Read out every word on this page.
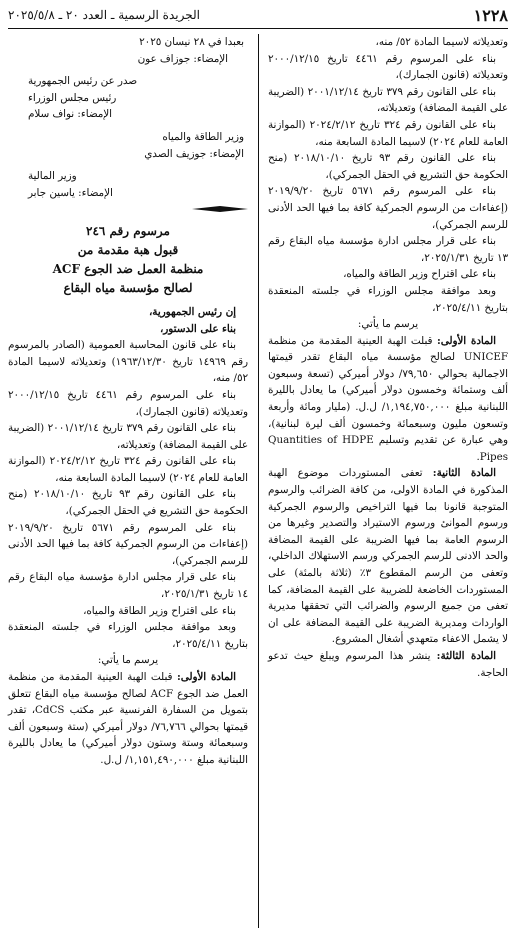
١٢٢٨
الجريدة الرسمية ـ العدد ٢٠ ـ ٢٠٢٥/٥/٨

وتعديلاته لاسيما المادة ٥٢/ منه،

بناء على المرسوم رقم ٤٤٦١ تاريخ ٢٠٠٠/١٢/١٥ وتعديلاته (قانون الجمارك)،

بناء على القانون رقم ٣٧٩ تاريخ ٢٠٠١/١٢/١٤ (الضريبة على القيمة المضافة) وتعديلاته،

بناء على القانون رقم ٣٢٤ تاريخ ٢٠٢٤/٢/١٢ (الموازنة العامة للعام ٢٠٢٤) لاسيما المادة السابعة منه،

بناء على القانون رقم ٩٣ تاريخ ٢٠١٨/١٠/١٠ (منح الحكومة حق التشريع في الحقل الجمركي)،

بناء على المرسوم رقم ٥٦٧١ تاريخ ٢٠١٩/٩/٢٠ (إعفاءات من الرسوم الجمركية كافة بما فيها الحد الأدنى للرسم الجمركي)،

بناء على قرار مجلس ادارة مؤسسة مياه البقاع رقم ١٣ تاريخ ٢٠٢٥/١/٣١،

بناء على اقتراح وزير الطاقة والمياه،

وبعد موافقة مجلس الوزراء في جلسته المنعقدة بتاريخ ٢٠٢٥/٤/١١،

يرسم ما يأتي:

المادة الأولى: قبلت الهبة العينية المقدمة من منظمة UNICEF لصالح مؤسسة مياه البقاع تقدر قيمتها الاجمالية بحوالي ٧٩,٦٥٠/ دولار أميركي (تسعة وسبعون ألف وستمائة وخمسون دولار أميركي) ما يعادل بالليرة اللبنانية مبلغ ١,١٩٤,٧٥٠,٠٠٠/ ل.ل. (مليار ومائة وأربعة وتسعون مليون وسبعمائة وخمسون ألف ليرة لبنانية)، وهي عبارة عن تقديم وتسليم Quantities of HDPE Pipes.

المادة الثانية: تعفى المستوردات موضوع الهبة المذكورة في المادة الاولى، من كافة الضرائب والرسوم المتوجبة قانونا بما فيها التراخيص والرسوم الجمركية ورسوم الموانئ ورسوم الاستيراد والتصدير وغيرها من الرسوم العامة بما فيها الضريبة على القيمة المضافة والحد الادنى للرسم الجمركي ورسم الاستهلاك الداخلي، وتعفى من الرسم المقطوع ٣٪ (ثلاثة بالمئة) على المستوردات الخاضعة للضريبة على القيمة المضافة، كما تعفى من جميع الرسوم والضرائب التي تحققها مديرية الواردات ومديرية الضريبة على القيمة المضافة على ان لا يشمل الاعفاء متعهدي أشغال المشروع.

المادة الثالثة: ينشر هذا المرسوم ويبلغ حيث تدعو الحاجة.

بعبدا في ٢٨ نيسان ٢٠٢٥

الإمضاء: جوزاف عون

صدر عن رئيس الجمهورية

رئيس مجلس الوزراء

الإمضاء: نواف سلام

وزير الطاقة والمياه

الإمضاء: جوزيف الصدي

وزير المالية

الإمضاء: ياسين جابر

مرسوم رقم ٢٤٦

قبول هبة مقدمة من

منظمة العمل ضد الجوع ACF

لصالح مؤسسة مياه البقاع

إن رئيس الجمهورية،

بناء على الدستور،

بناء على قانون المحاسبة العمومية (الصادر بالمرسوم رقم ١٤٩٦٩ تاريخ ١٩٦٣/١٢/٣٠) وتعديلاته لاسيما المادة ٥٢/ منه،

بناء على المرسوم رقم ٤٤٦١ تاريخ ٢٠٠٠/١٢/١٥ وتعديلاته (قانون الجمارك)،

بناء على القانون رقم ٣٧٩ تاريخ ٢٠٠١/١٢/١٤ (الضريبة على القيمة المضافة) وتعديلاته،

بناء على القانون رقم ٣٢٤ تاريخ ٢٠٢٤/٢/١٢ (الموازنة العامة للعام ٢٠٢٤) لاسيما المادة السابعة منه،

بناء على القانون رقم ٩٣ تاريخ ٢٠١٨/١٠/١٠ (منح الحكومة حق التشريع في الحقل الجمركي)،

بناء على المرسوم رقم ٥٦٧١ تاريخ ٢٠١٩/٩/٢٠ (إعفاءات من الرسوم الجمركية كافة بما فيها الحد الأدنى للرسم الجمركي)،

بناء على قرار مجلس ادارة مؤسسة مياه البقاع رقم ١٤ تاريخ ٢٠٢٥/١/٣١،

بناء على اقتراح وزير الطاقة والمياه،

وبعد موافقة مجلس الوزراء في جلسته المنعقدة بتاريخ ٢٠٢٥/٤/١١،

يرسم ما يأتي:

المادة الأولى: قبلت الهبة العينية المقدمة من منظمة العمل ضد الجوع ACF لصالح مؤسسة مياه البقاع تتعلق بتمويل من السفارة الفرنسية عبر مكتب CdCS، تقدر قيمتها بحوالي ٧٦,٧٦٦/ دولار أميركي (ستة وسبعون ألف وسبعمائة وستة وستون دولار أميركي) ما يعادل بالليرة اللبنانية مبلغ ١,١٥١,٤٩٠,٠٠٠/ ل.ل.
